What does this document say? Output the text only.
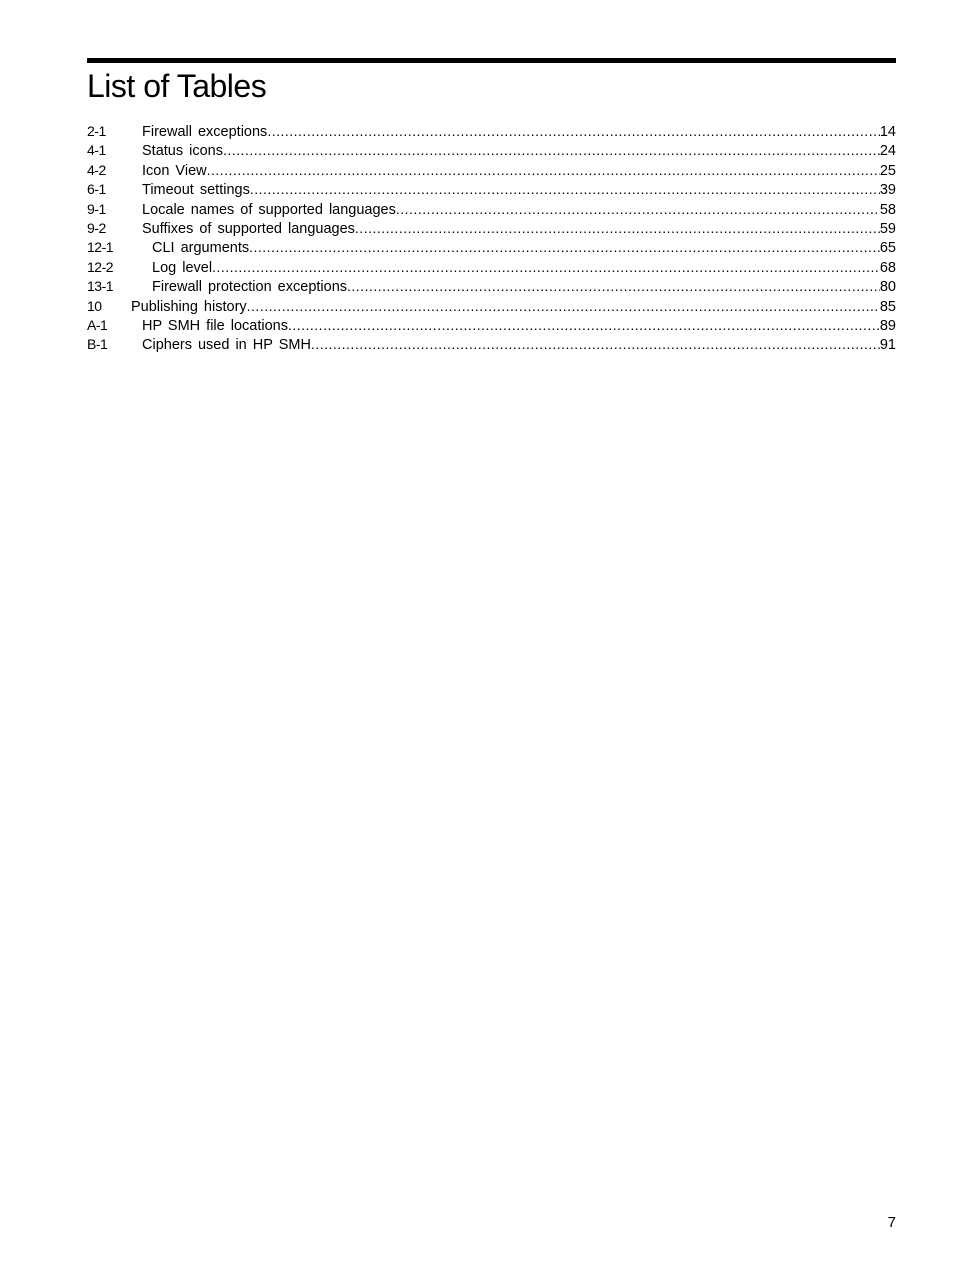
List of Tables
2-1	Firewall exceptions .....	14
4-1	Status icons .....	24
4-2	Icon View .....	25
6-1	Timeout settings .....	39
9-1	Locale names of supported languages .....	58
9-2	Suffixes of supported languages .....	59
12-1	CLI arguments .....	65
12-2	Log level .....	68
13-1	Firewall protection exceptions .....	80
10	Publishing history .....	85
A-1	HP SMH file locations .....	89
B-1	Ciphers used in HP SMH .....	91
7
